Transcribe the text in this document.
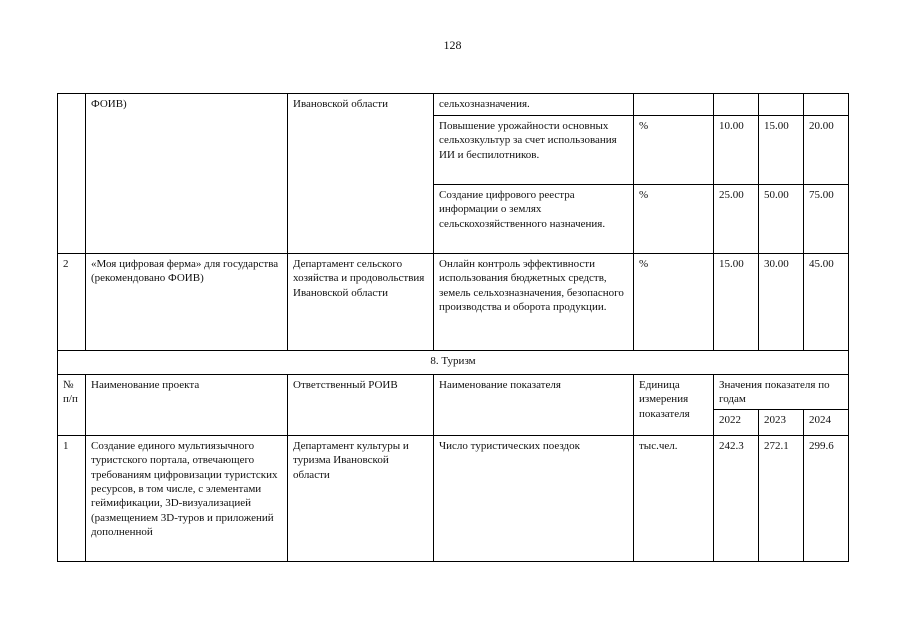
128
	ФОИВ)	Ивановской области	сельхозназначения.				
			Повышение урожайности основных сельхозкультур за счет использования ИИ и беспилотников.	%	10.00	15.00	20.00
			Создание цифрового реестра информации о землях сельскохозяйственного назначения.	%	25.00	50.00	75.00
2	«Моя цифровая ферма» для государства (рекомендовано ФОИВ)	Департамент сельского хозяйства и продовольствия Ивановской области	Онлайн контроль эффективности использования бюджетных средств, земель сельхозназначения, безопасного производства и оборота продукции.	%	15.00	30.00	45.00
8. Туризм							
№ п/п	Наименование проекта	Ответственный РОИВ	Наименование показателя	Единица измерения показателя	Значения показателя по годам		
					2022	2023	2024
1	Создание единого мультиязычного туристского портала, отвечающего требованиям цифровизации туристских ресурсов, в том числе, с элементами геймификации, 3D-визуализацией (размещением 3D-туров и приложений дополненной	Департамент культуры и туризма Ивановской области	Число туристических поездок	тыс.чел.	242.3	272.1	299.6
